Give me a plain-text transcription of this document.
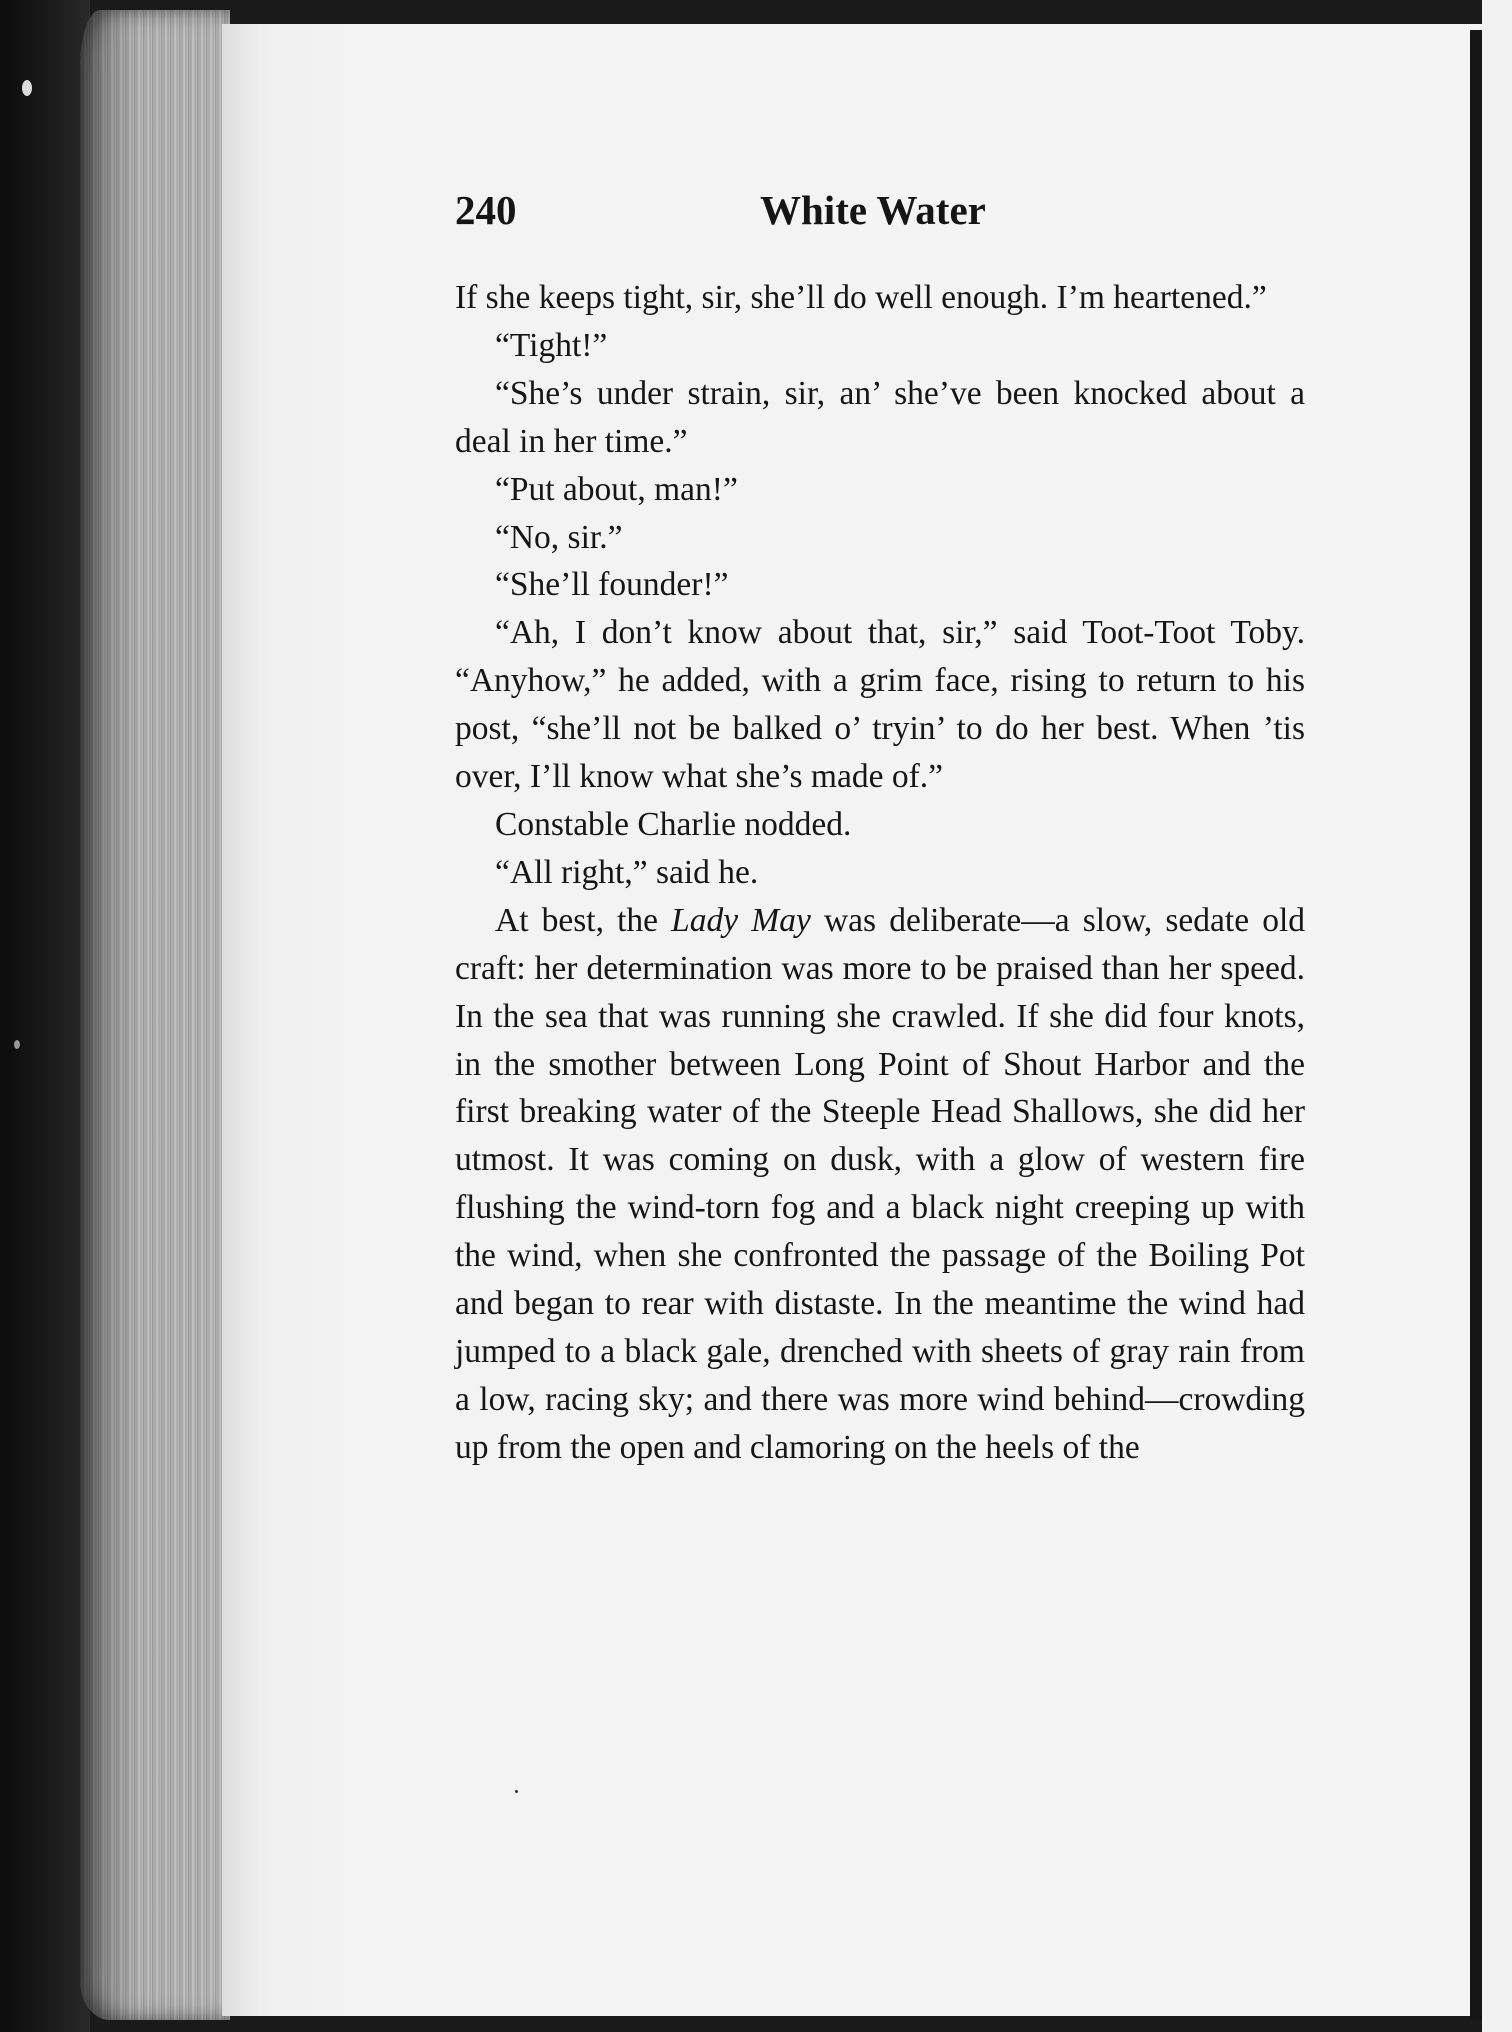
240	White Water

If she keeps tight, sir, she’ll do well enough. I’m heartened.”

“Tight!”

“She’s under strain, sir, an’ she’ve been knocked about a deal in her time.”

“Put about, man!”

“No, sir.”

“She’ll founder!”

“Ah, I don’t know about that, sir,” said Toot-Toot Toby. “Anyhow,” he added, with a grim face, rising to return to his post, “she’ll not be balked o’ tryin’ to do her best. When ’tis over, I’ll know what she’s made of.”

Constable Charlie nodded.

“All right,” said he.

At best, the Lady May was deliberate—a slow, sedate old craft: her determination was more to be praised than her speed. In the sea that was running she crawled. If she did four knots, in the smother between Long Point of Shout Harbor and the first breaking water of the Steeple Head Shallows, she did her utmost. It was coming on dusk, with a glow of western fire flushing the wind-torn fog and a black night creeping up with the wind, when she confronted the passage of the Boiling Pot and began to rear with distaste. In the meantime the wind had jumped to a black gale, drenched with sheets of gray rain from a low, racing sky; and there was more wind behind—crowding up from the open and clamoring on the heels of the
